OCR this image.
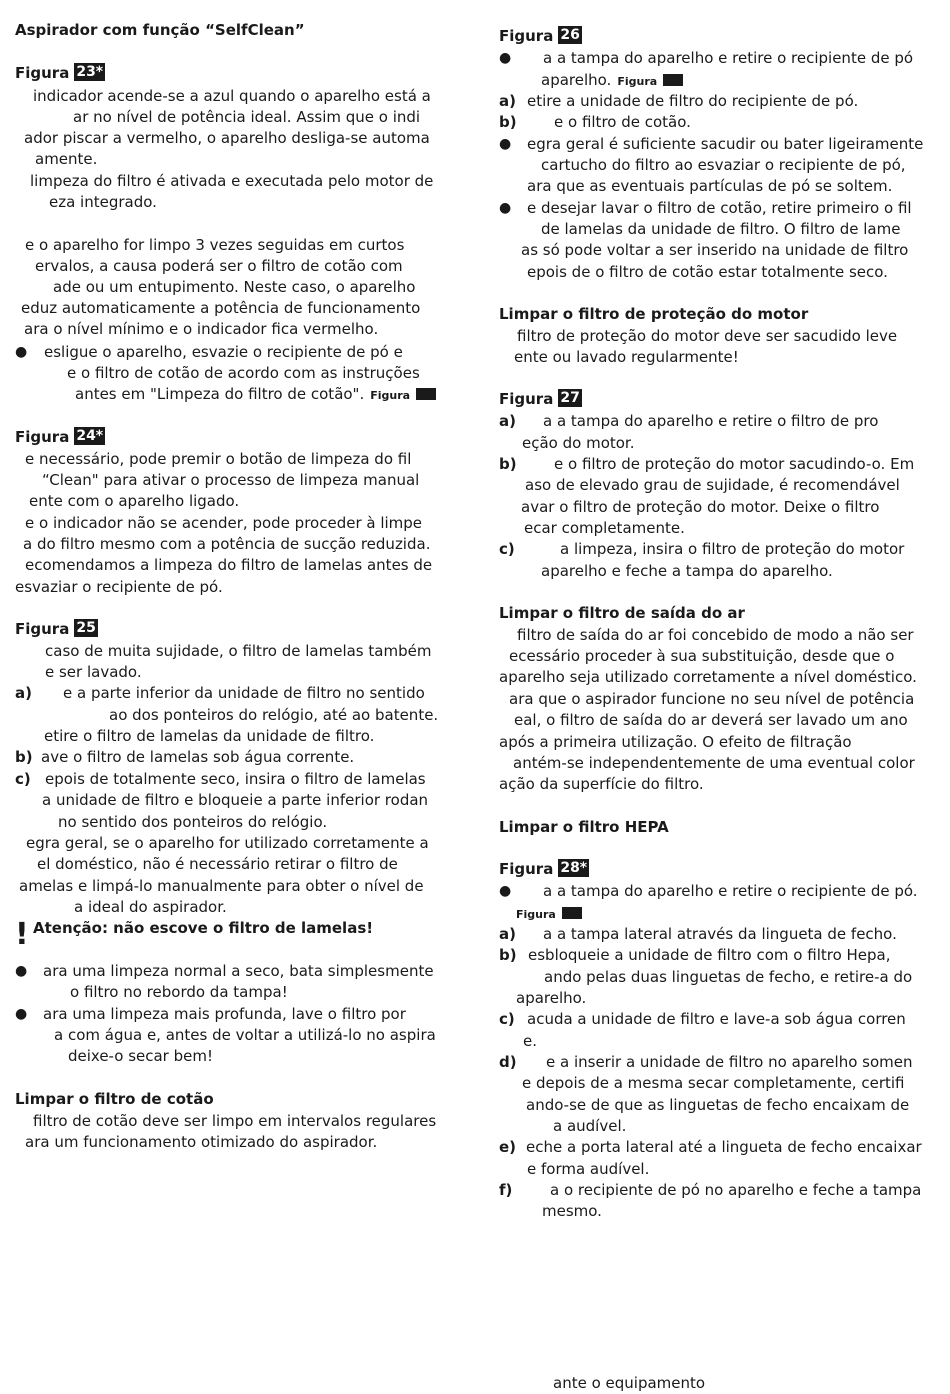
Aspirador com função “SelfClean”
Figura 23*
indicador acende-se a azul quando o aparelho está a
ar no nível de potência ideal. Assim que o indi
ador piscar a vermelho, o aparelho desliga-se automa
amente.
limpeza do filtro é ativada e executada pelo motor de
eza integrado.
e o aparelho for limpo 3 vezes seguidas em curtos
ervalos, a causa poderá ser o filtro de cotão com
ade ou um entupimento. Neste caso, o aparelho
eduz automaticamente a potência de funcionamento
ara o nível mínimo e o indicador fica vermelho.
● esligue o aparelho, esvazie o recipiente de pó e
e o filtro de cotão de acordo com as instruções
antes em "Limpeza do filtro de cotão". Figura
Figura 24*
e necessário, pode premir o botão de limpeza do fil
“Clean" para ativar o processo de limpeza manual
ente com o aparelho ligado.
e o indicador não se acender, pode proceder à limpe
a do filtro mesmo com a potência de sucção reduzida.
ecomendamos a limpeza do filtro de lamelas antes de
esvaziar o recipiente de pó.
Figura 25
caso de muita sujidade, o filtro de lamelas também
e ser lavado.
a) e a parte inferior da unidade de filtro no sentido
ao dos ponteiros do relógio, até ao batente.
etire o filtro de lamelas da unidade de filtro.
b) ave o filtro de lamelas sob água corrente.
c) epois de totalmente seco, insira o filtro de lamelas
a unidade de filtro e bloqueie a parte inferior rodan
no sentido dos ponteiros do relógio.
egra geral, se o aparelho for utilizado corretamente a
el doméstico, não é necessário retirar o filtro de
amelas e limpá-lo manualmente para obter o nível de
a ideal do aspirador.
! Atenção: não escove o filtro de lamelas!
● ara uma limpeza normal a seco, bata simplesmente
o filtro no rebordo da tampa!
● ara uma limpeza mais profunda, lave o filtro por
a com água e, antes de voltar a utilizá-lo no aspira
deixe-o secar bem!
Limpar o filtro de cotão
filtro de cotão deve ser limpo em intervalos regulares
ara um funcionamento otimizado do aspirador.
Figura 26
● a a tampa do aparelho e retire o recipiente de pó
aparelho. Figura
a) etire a unidade de filtro do recipiente de pó.
b) e o filtro de cotão.
● egra geral é suficiente sacudir ou bater ligeiramente
cartucho do filtro ao esvaziar o recipiente de pó,
ara que as eventuais partículas de pó se soltem.
● e desejar lavar o filtro de cotão, retire primeiro o fil
de lamelas da unidade de filtro. O filtro de lame
as só pode voltar a ser inserido na unidade de filtro
epois de o filtro de cotão estar totalmente seco.
Limpar o filtro de proteção do motor
filtro de proteção do motor deve ser sacudido leve
ente ou lavado regularmente!
Figura 27
a) a a tampa do aparelho e retire o filtro de pro
eção do motor.
b) e o filtro de proteção do motor sacudindo-o. Em
aso de elevado grau de sujidade, é recomendável
avar o filtro de proteção do motor. Deixe o filtro
ecar completamente.
c)	a limpeza, insira o filtro de proteção do motor
aparelho e feche a tampa do aparelho.
Limpar o filtro de saída do ar
filtro de saída do ar foi concebido de modo a não ser
ecessário proceder à sua substituição, desde que o
aparelho seja utilizado corretamente a nível doméstico.
ara que o aspirador funcione no seu nível de potência
eal, o filtro de saída do ar deverá ser lavado um ano
após a primeira utilização. O efeito de filtração
antém-se independentemente de uma eventual color
ação da superfície do filtro.
Limpar o filtro HEPA
Figura 28*
● a a tampa do aparelho e retire o recipiente de pó.
Figura
a) a a tampa lateral através da lingueta de fecho.
b) esbloqueie a unidade de filtro com o filtro Hepa,
ando pelas duas linguetas de fecho, e retire-a do
aparelho.
c) acuda a unidade de filtro e lave-a sob água corren
e.
d) e a inserir a unidade de filtro no aparelho somen
e depois de a mesma secar completamente, certifi
ando-se de que as linguetas de fecho encaixam de
a audível.
e) eche a porta lateral até a lingueta de fecho encaixar
e forma audível.
f)	a o recipiente de pó no aparelho e feche a tampa
mesmo.
ante o equipamento
